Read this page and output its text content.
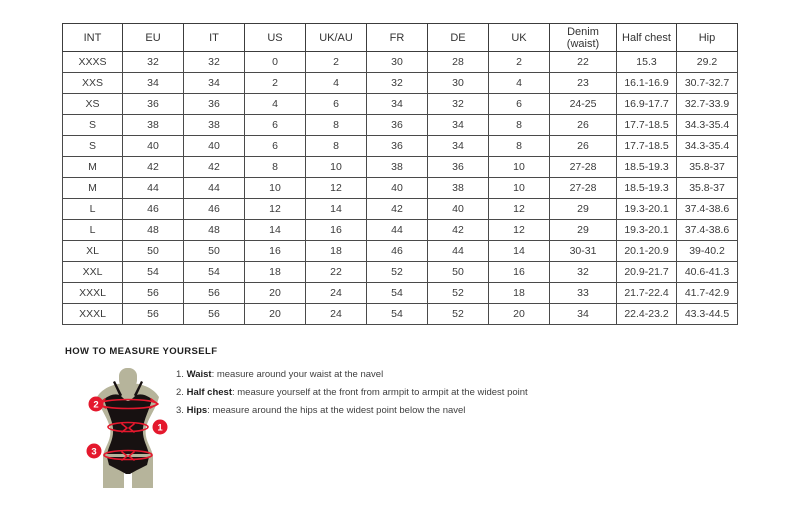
INT	EU	IT	US	UK/AU	FR	DE	UK	Denim (waist)	Half chest	Hip
XXXS	32	32	0	2	30	28	2	22	15.3	29.2
XXS	34	34	2	4	32	30	4	23	16.1-16.9	30.7-32.7
XS	36	36	4	6	34	32	6	24-25	16.9-17.7	32.7-33.9
S	38	38	6	8	36	34	8	26	17.7-18.5	34.3-35.4
S	40	40	6	8	36	34	8	26	17.7-18.5	34.3-35.4
M	42	42	8	10	38	36	10	27-28	18.5-19.3	35.8-37
M	44	44	10	12	40	38	10	27-28	18.5-19.3	35.8-37
L	46	46	12	14	42	40	12	29	19.3-20.1	37.4-38.6
L	48	48	14	16	44	42	12	29	19.3-20.1	37.4-38.6
XL	50	50	16	18	46	44	14	30-31	20.1-20.9	39-40.2
XXL	54	54	18	22	52	50	16	32	20.9-21.7	40.6-41.3
XXXL	56	56	20	24	54	52	18	33	21.7-22.4	41.7-42.9
XXXL	56	56	20	24	54	52	20	34	22.4-23.2	43.3-44.5
HOW TO MEASURE YOURSELF
2
1
3

1. Waist: measure around your waist at the navel

2. Half chest: measure yourself at the front from armpit to armpit at the widest point

3. Hips: measure around the hips at the widest point below the navel
